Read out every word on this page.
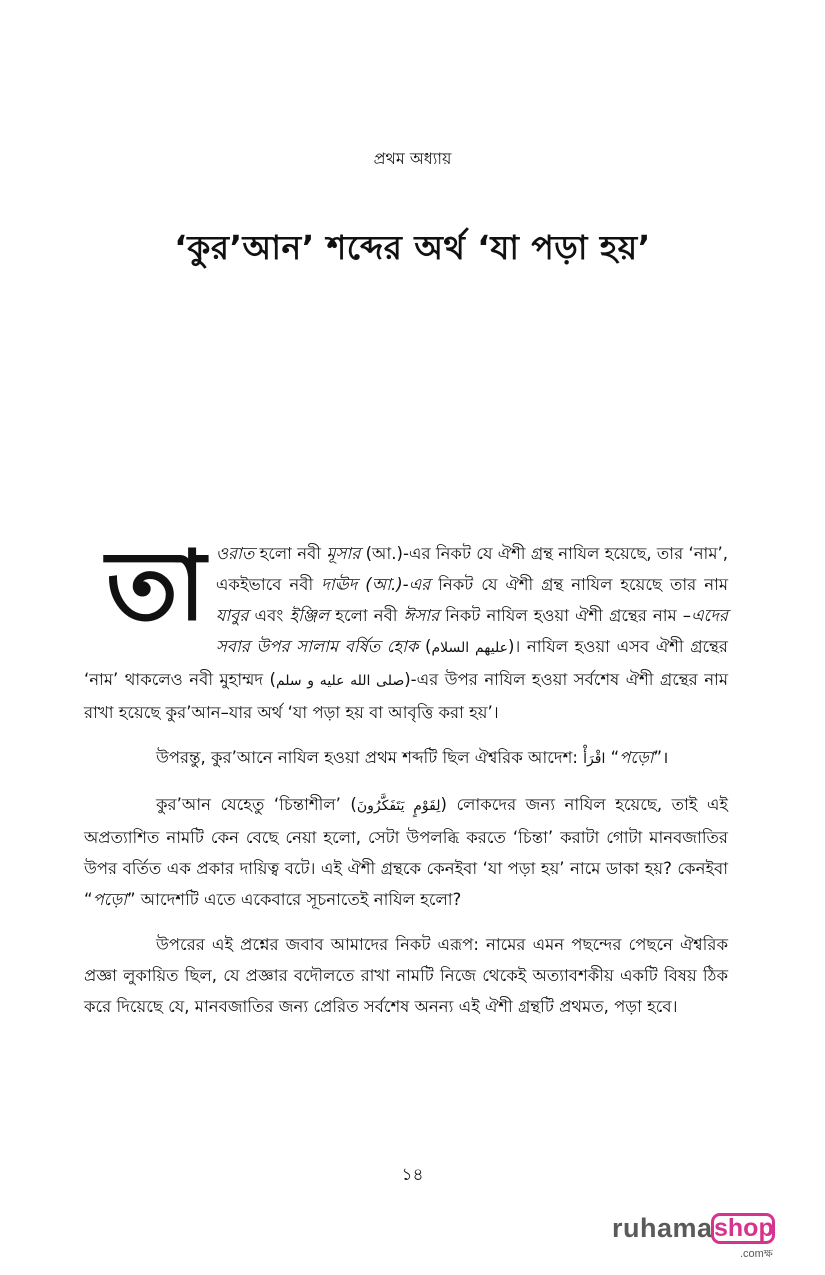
প্রথম অধ্যায়
‘কুর’আন’ শব্দের অর্থ ‘যা পড়া হয়’

তাওরাত হলো নবী মূসার (আ.)-এর নিকট যে ঐশী গ্রন্থ নাযিল হয়েছে, তার ‘নাম’, একইভাবে নবী দাঊদ (আ.)-এর নিকট যে ঐশী গ্রন্থ নাযিল হয়েছে তার নাম যাবুর এবং ইঞ্জিল হলো নবী ঈসার নিকট নাযিল হওয়া ঐশী গ্রন্থের নাম –এদের সবার উপর সালাম বর্ষিত হোক (عليهم السلام)। নাযিল হওয়া এসব ঐশী গ্রন্থের ‘নাম’ থাকলেও নবী মুহাম্মদ (صلى الله عليه و سلم)-এর উপর নাযিল হওয়া সর্বশেষ ঐশী গ্রন্থের নাম রাখা হয়েছে কুর’আন–যার অর্থ ‘যা পড়া হয় বা আবৃত্তি করা হয়’।

উপরন্তু, কুর’আনে নাযিল হওয়া প্রথম শব্দটি ছিল ঐশ্বরিক আদেশ: اقْرَأْ “পড়ো”।

কুর’আন যেহেতু ‘চিন্তাশীল’ (لِقَوْمٍ يَتَفَكَّرُونَ) লোকদের জন্য নাযিল হয়েছে, তাই এই অপ্রত্যাশিত নামটি কেন বেছে নেয়া হলো, সেটা উপলব্ধি করতে ‘চিন্তা’ করাটা গোটা মানবজাতির উপর বর্তিত এক প্রকার দায়িত্ব বটে। এই ঐশী গ্রন্থকে কেনইবা ‘যা পড়া হয়’ নামে ডাকা হয়? কেনইবা “পড়ো” আদেশটি এতে একেবারে সূচনাতেই নাযিল হলো?

উপরের এই প্রশ্নের জবাব আমাদের নিকট এরূপ: নামের এমন পছন্দের পেছনে ঐশ্বরিক প্রজ্ঞা লুকায়িত ছিল, যে প্রজ্ঞার বদৌলতে রাখা নামটি নিজে থেকেই অত্যাবশকীয় একটি বিষয় ঠিক করে দিয়েছে যে, মানবজাতির জন্য প্রেরিত সর্বশেষ অনন্য এই ঐশী গ্রন্থটি প্রথমত, পড়া হবে।

১৪
ruhama shop
.comক্ষ
